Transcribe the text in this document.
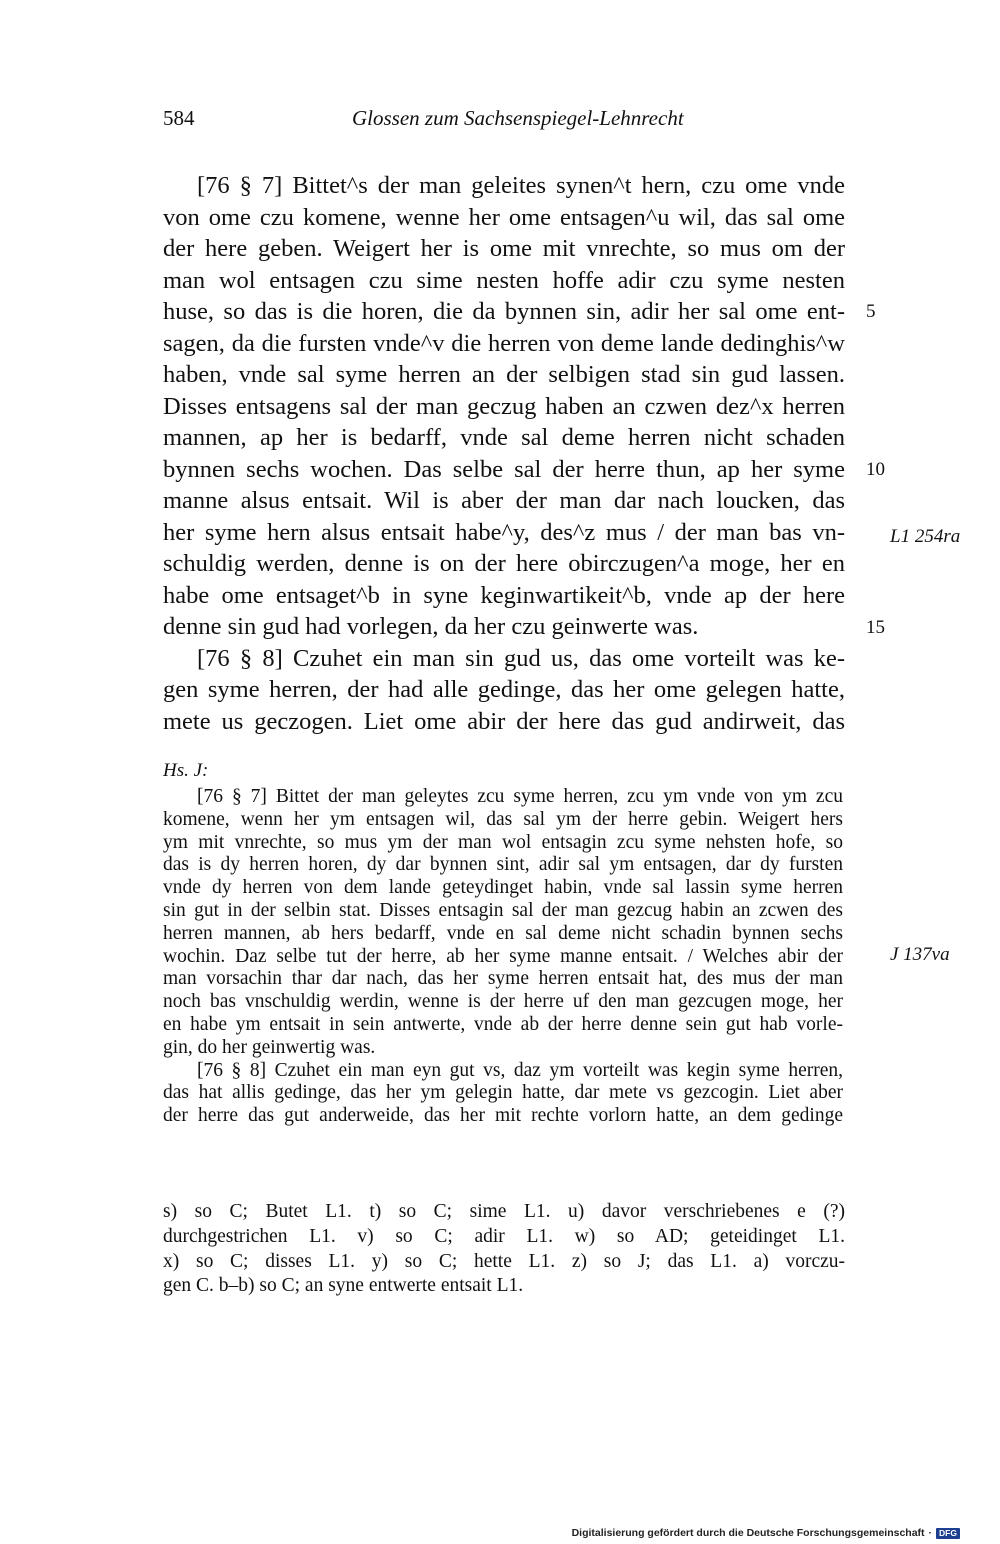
584	Glossen zum Sachsenspiegel-Lehnrecht
[76 § 7] Bittet^s der man geleites synen^t hern, czu ome vnde
von ome czu komene, wenne her ome entsagen^u wil, das sal ome
der here geben. Weigert her is ome mit vnrechte, so mus om der
man wol entsagen czu sime nesten hoffe adir czu syme nesten
huse, so das is die horen, die da bynnen sin, adir her sal ome ent-
sagen, da die fursten vnde^v die herren von deme lande dedinghis^w
haben, vnde sal syme herren an der selbigen stad sin gud lassen.
Disses entsagens sal der man geczug haben an czwen dez^x herren
mannen, ap her is bedarff, vnde sal deme herren nicht schaden
bynnen sechs wochen. Das selbe sal der herre thun, ap her syme
manne alsus entsait. Wil is aber der man dar nach loucken, das
her syme hern alsus entsait habe^y, des^z mus / der man bas vn-
schuldig werden, denne is on der here obirczugen^a moge, her en
habe ome entsaget^b in syne keginwartikeit^b, vnde ap der here
denne sin gud had vorlegen, da her czu geinwerte was.
[76 § 8] Czuhet ein man sin gud us, das ome vorteilt was ke-
gen syme herren, der had alle gedinge, das her ome gelegen hatte,
mete us geczogen. Liet ome abir der here das gud andirweit, das
5
10
15
L1 254ra
Hs. J:
[76 § 7] Bittet der man geleytes zcu syme herren, zcu ym vnde von ym zcu
komene, wenn her ym entsagen wil, das sal ym der herre gebin. Weigert hers
ym mit vnrechte, so mus ym der man wol entsagin zcu syme nehsten hofe, so
das is dy herren horen, dy dar bynnen sint, adir sal ym entsagen, dar dy fursten
vnde dy herren von dem lande geteydinget habin, vnde sal lassin syme herren
sin gut in der selbin stat. Disses entsagin sal der man gezcug habin an zcwen des
herren mannen, ab hers bedarff, vnde en sal deme nicht schadin bynnen sechs
wochin. Daz selbe tut der herre, ab her syme manne entsait. / Welches abir der
man vorsachin thar dar nach, das her syme herren entsait hat, des mus der man
noch bas vnschuldig werdin, wenne is der herre uf den man gezcugen moge, her
en habe ym entsait in sein antwerte, vnde ab der herre denne sein gut hab vorle-
gin, do her geinwertig was.
[76 § 8] Czuhet ein man eyn gut vs, daz ym vorteilt was kegin syme herren,
das hat allis gedinge, das her ym gelegin hatte, dar mete vs gezcogin. Liet aber
der herre das gut anderweide, das her mit rechte vorlorn hatte, an dem gedinge
J 137va
s) so C; Butet L1. t) so C; sime L1. u) davor verschriebenes e (?)
durchgestrichen L1. v) so C; adir L1. w) so AD; geteidinget L1.
x) so C; disses L1. y) so C; hette L1. z) so J; das L1. a) vorczu-
gen C. b–b) so C; an syne entwerte entsait L1.
Digitalisierung gefördert durch die Deutsche Forschungsgemeinschaft · DFG
